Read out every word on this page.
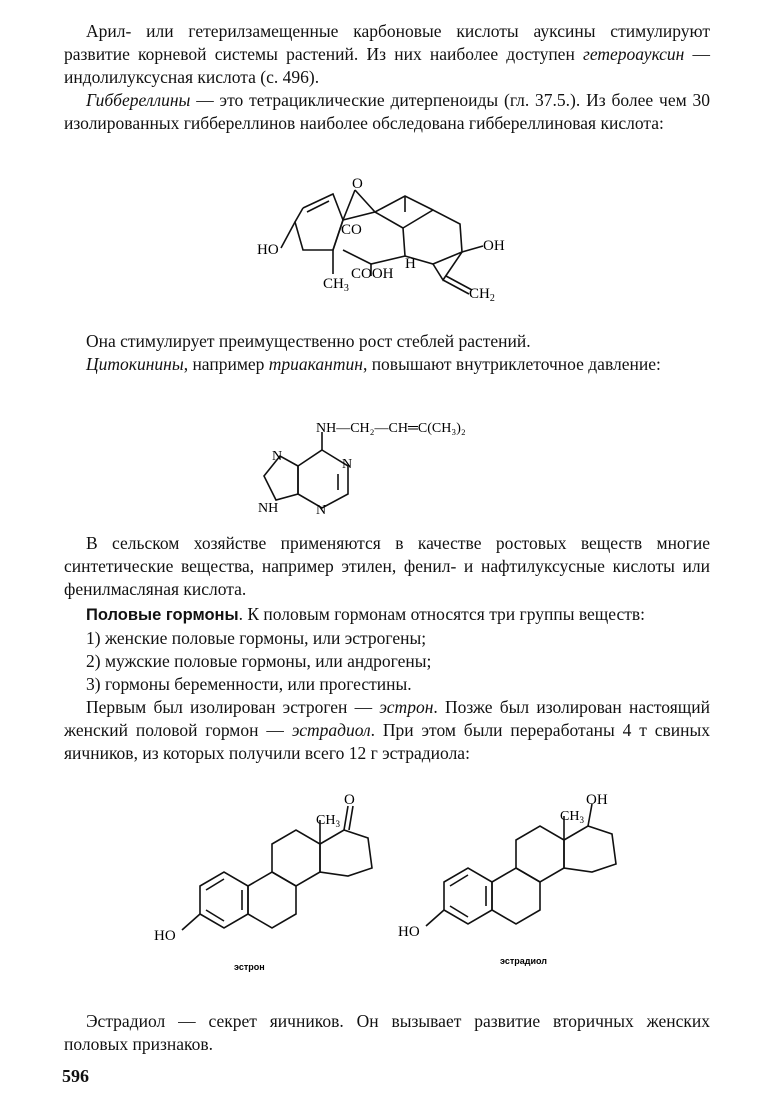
Арил- или гетерилзамещенные карбоновые кислоты ауксины стимулируют развитие корневой системы растений. Из них наиболее доступен гетероауксин — индолилуксусная кислота (с. 496).

Гиббереллины — это тетрациклические дитерпеноиды (гл. 37.5.). Из более чем 30 изолированных гиббереллинов наиболее обследована гиббереллиновая кислота:

O
CO
HO	OH
H
$CH_3$
COOH
$CH_2$

Она стимулирует преимущественно рост стеблей растений.

Цитокинины, например триакантин, повышают внутриклеточное давление:

NH—CH₂—CH═C(CH₃)₂
N
N
N
NH

В сельском хозяйстве применяются в качестве ростовых веществ многие синтетические вещества, например этилен, фенил- и нафтилуксусные кислоты или фенилмасляная кислота.

Половые гормоны. К половым гормонам относятся три группы веществ:

1) женские половые гормоны, или эстрогены;

2) мужские половые гормоны, или андрогены;

3) гормоны беременности, или прогестины.

Первым был изолирован эстроген — эстрон. Позже был изолирован настоящий женский половой гормон — эстрадиол. При этом были переработаны 4 т свиных яичников, из которых получили всего 12 г эстрадиола:

O
$CH_3$
HO
эстрон
OH
$CH_3$
HO
эстрадиол

Эстрадиол — секрет яичников. Он вызывает развитие вторичных женских половых признаков.

596
